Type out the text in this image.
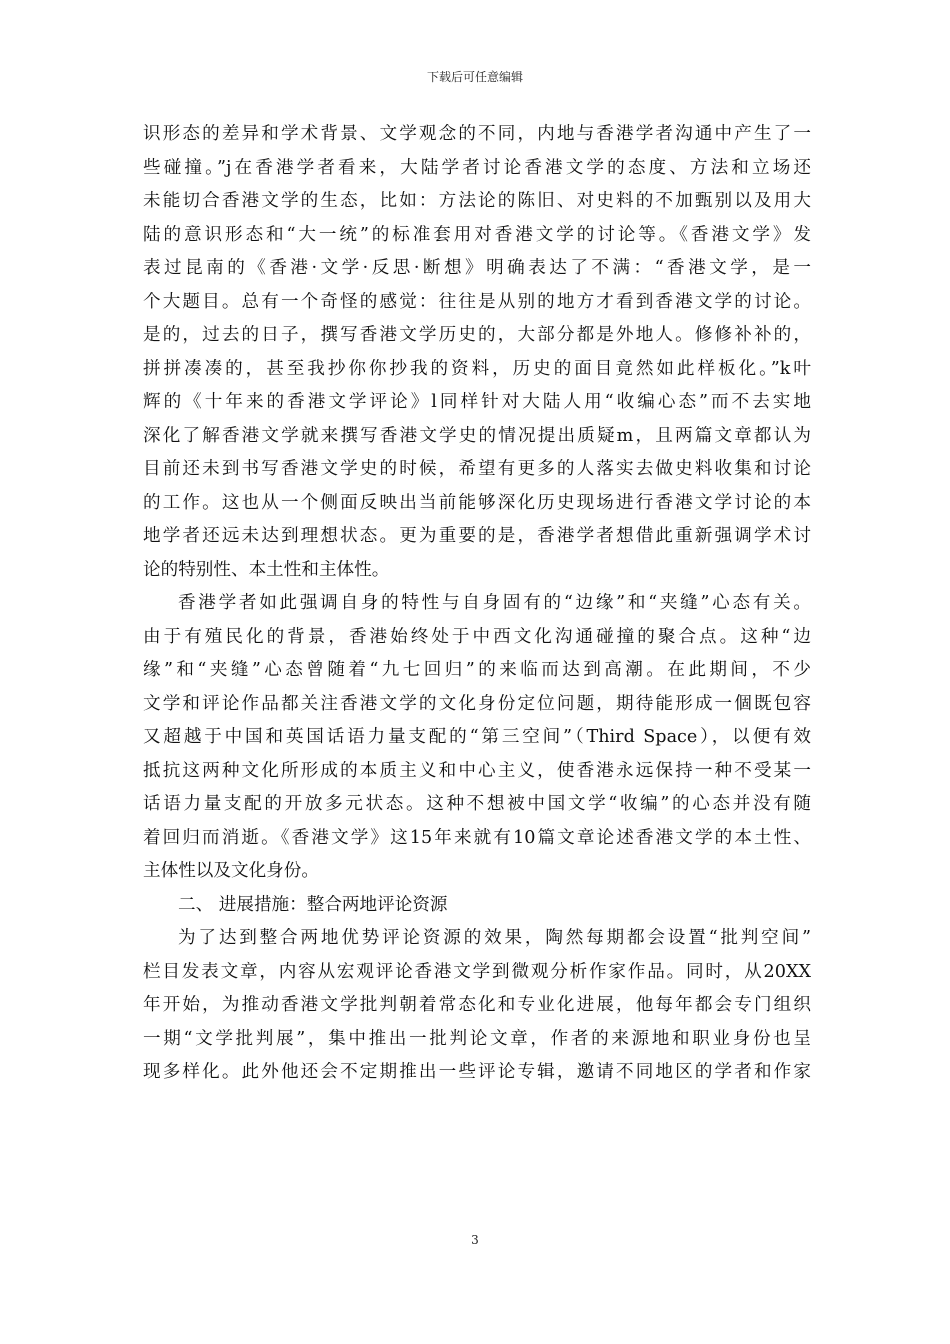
下载后可任意编辑
识形态的差异和学术背景、文学观念的不同，内地与香港学者沟通中产生了一
些碰撞。”j在香港学者看来，大陆学者讨论香港文学的态度、方法和立场还
未能切合香港文学的生态，比如：方法论的陈旧、对史料的不加甄别以及用大
陆的意识形态和“大一统”的标准套用对香港文学的讨论等。《香港文学》发
表过昆南的《香港·文学·反思·断想》明确表达了不满：“香港文学，是一
个大题目。总有一个奇怪的感觉：往往是从别的地方才看到香港文学的讨论。
是的，过去的日子，撰写香港文学历史的，大部分都是外地人。修修补补的，
拼拼凑凑的，甚至我抄你你抄我的资料，历史的面目竟然如此样板化。”k叶
辉的《十年来的香港文学评论》l同样针对大陆人用“收编心态”而不去实地
深化了解香港文学就来撰写香港文学史的情况提出质疑m，且两篇文章都认为
目前还未到书写香港文学史的时候，希望有更多的人落实去做史料收集和讨论
的工作。这也从一个侧面反映出当前能够深化历史现场进行香港文学讨论的本
地学者还远未达到理想状态。更为重要的是，香港学者想借此重新强调学术讨
论的特别性、本土性和主体性。
香港学者如此强调自身的特性与自身固有的“边缘”和“夹缝”心态有关。
由于有殖民化的背景，香港始终处于中西文化沟通碰撞的聚合点。这种“边
缘”和“夹缝”心态曾随着“九七回归”的来临而达到高潮。在此期间，不少
文学和评论作品都关注香港文学的文化身份定位问题，期待能形成一個既包容
又超越于中国和英国话语力量支配的“第三空间”（Third Space），以便有效
抵抗这两种文化所形成的本质主义和中心主义，使香港永远保持一种不受某一
话语力量支配的开放多元状态。这种不想被中国文学“收编”的心态并没有随
着回归而消逝。《香港文学》这15年来就有10篇文章论述香港文学的本土性、
主体性以及文化身份。
二、 进展措施：整合两地评论资源
为了达到整合两地优势评论资源的效果，陶然每期都会设置“批判空间”
栏目发表文章，内容从宏观评论香港文学到微观分析作家作品。同时，从20XX
年开始，为推动香港文学批判朝着常态化和专业化进展，他每年都会专门组织
一期“文学批判展”，集中推出一批判论文章，作者的来源地和职业身份也呈
现多样化。此外他还会不定期推出一些评论专辑，邀请不同地区的学者和作家
3
